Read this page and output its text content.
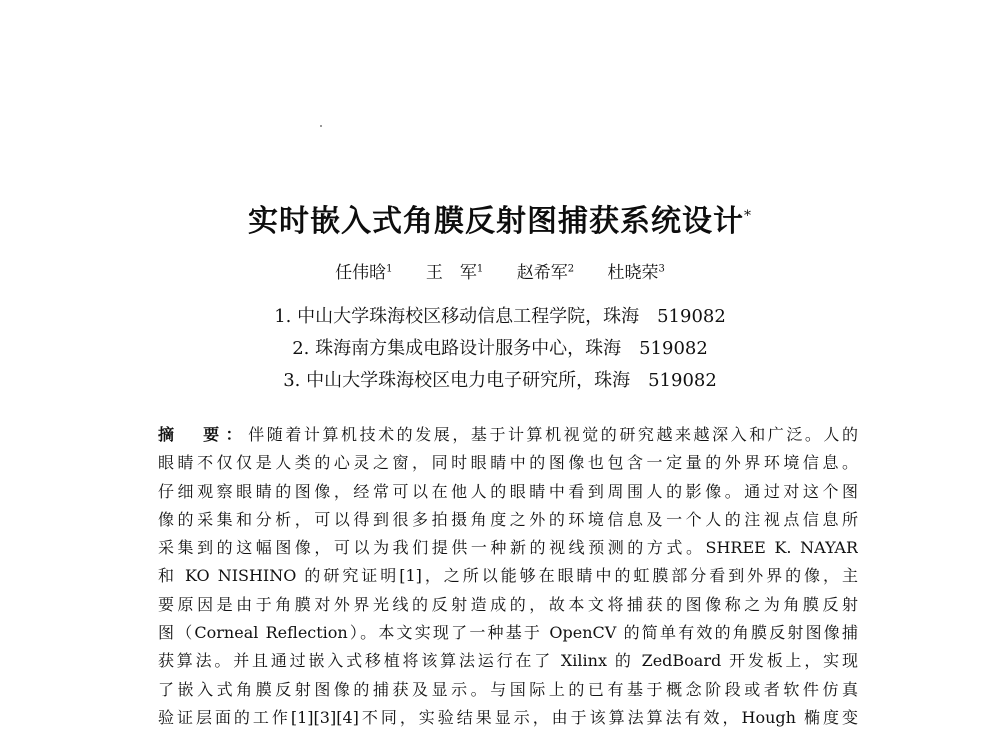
实时嵌入式角膜反射图捕获系统设计*
任伟晗$^1$ 王　军$^1$ 赵希军$^2$ 杜晓荣$^3$
1. 中山大学珠海校区移动信息工程学院，珠海 519082
2. 珠海南方集成电路设计服务中心，珠海 519082
3. 中山大学珠海校区电力电子研究所，珠海 519082
摘　要：伴随着计算机技术的发展，基于计算机视觉的研究越来越深入和广泛。人的
眼睛不仅仅是人类的心灵之窗，同时眼睛中的图像也包含一定量的外界环境信息。
仔细观察眼睛的图像，经常可以在他人的眼睛中看到周围人的影像。通过对这个图
像的采集和分析，可以得到很多拍摄角度之外的环境信息及一个人的注视点信息所
采集到的这幅图像，可以为我们提供一种新的视线预测的方式。SHREE K. NAYAR
和 KO NISHINO 的研究证明[1]，之所以能够在眼睛中的虹膜部分看到外界的像，主
要原因是由于角膜对外界光线的反射造成的，故本文将捕获的图像称之为角膜反射
图（Corneal Reflection）。本文实现了一种基于 OpenCV 的简单有效的角膜反射图像捕
获算法。并且通过嵌入式移植将该算法运行在了 Xilinx 的 ZedBoard 开发板上，实现
了嵌入式角膜反射图像的捕获及显示。与国际上的已有基于概念阶段或者软件仿真
验证层面的工作[1][3][4]不同，实验结果显示，由于该算法算法有效，Hough 椭度变
